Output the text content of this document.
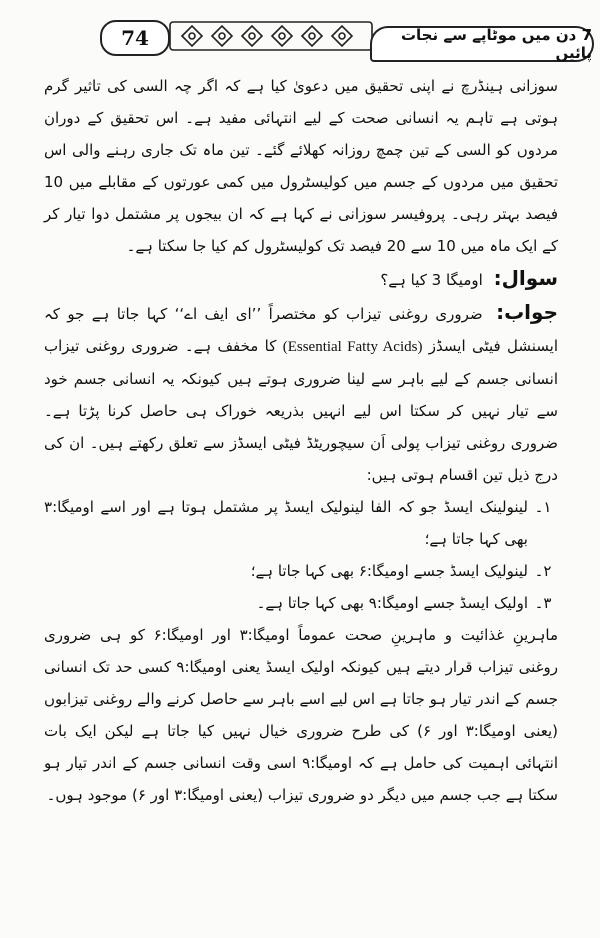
74	7 دن میں موٹاپے سے نجات پائیں

سوزانی ہینڈرچ نے اپنی تحقیق میں دعویٰ کیا ہے کہ اگر چہ السی کی تاثیر گرم ہوتی ہے تاہم یہ انسانی صحت کے لیے انتہائی مفید ہے۔ اس تحقیق کے دوران مردوں کو السی کے تین چمچ روزانہ کھلائے گئے۔ تین ماہ تک جاری رہنے والی اس تحقیق میں مردوں کے جسم میں کولیسٹرول میں کمی عورتوں کے مقابلے میں 10 فیصد بہتر رہی۔ پروفیسر سوزانی نے کہا ہے کہ ان بیجوں پر مشتمل دوا تیار کر کے ایک ماہ میں 10 سے 20 فیصد تک کولیسٹرول کم کیا جا سکتا ہے۔

سوال: اومیگا 3 کیا ہے؟

جواب: ضروری روغنی تیزاب کو مختصراً ’’ای ایف اے‘‘ کہا جاتا ہے جو کہ ایسنشل فیٹی ایسڈز (Essential Fatty Acids) کا مخفف ہے۔ ضروری روغنی تیزاب انسانی جسم کے لیے باہر سے لینا ضروری ہوتے ہیں کیونکہ یہ انسانی جسم خود سے تیار نہیں کر سکتا اس لیے انہیں بذریعہ خوراک ہی حاصل کرنا پڑتا ہے۔ ضروری روغنی تیزاب پولی اَن سیچوریٹڈ فیٹی ایسڈز سے تعلق رکھتے ہیں۔ ان کی درج ذیل تین اقسام ہوتی ہیں:

۱۔
لینولینک ایسڈ جو کہ الفا لینولیک ایسڈ پر مشتمل ہوتا ہے اور اسے اومیگا:۳ بھی کہا جاتا ہے؛
۲۔
لینولیک ایسڈ جسے اومیگا:۶ بھی کہا جاتا ہے؛
۳۔
اولیک ایسڈ جسے اومیگا:۹ بھی کہا جاتا ہے۔

ماہرینِ غذائیت و ماہرینِ صحت عموماً اومیگا:۳ اور اومیگا:۶ کو ہی ضروری روغنی تیزاب قرار دیتے ہیں کیونکہ اولیک ایسڈ یعنی اومیگا:۹ کسی حد تک انسانی جسم کے اندر تیار ہو جاتا ہے اس لیے اسے باہر سے حاصل کرنے والے روغنی تیزابوں (یعنی اومیگا:۳ اور ۶) کی طرح ضروری خیال نہیں کیا جاتا ہے لیکن ایک بات انتہائی اہمیت کی حامل ہے کہ اومیگا:۹ اسی وقت انسانی جسم کے اندر تیار ہو سکتا ہے جب جسم میں دیگر دو ضروری تیزاب (یعنی اومیگا:۳ اور ۶) موجود ہوں۔
